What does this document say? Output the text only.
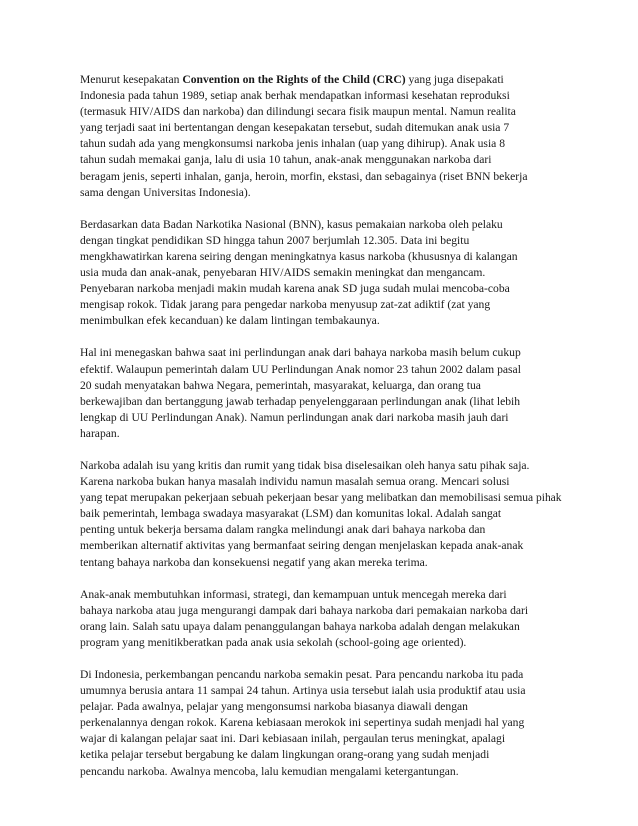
Menurut kesepakatan Convention on the Rights of the Child (CRC) yang juga disepakati
Indonesia pada tahun 1989, setiap anak berhak mendapatkan informasi kesehatan reproduksi
(termasuk HIV/AIDS dan narkoba) dan dilindungi secara fisik maupun mental. Namun realita
yang terjadi saat ini bertentangan dengan kesepakatan tersebut, sudah ditemukan anak usia 7
tahun sudah ada yang mengkonsumsi narkoba jenis inhalan (uap yang dihirup). Anak usia 8
tahun sudah memakai ganja, lalu di usia 10 tahun, anak-anak menggunakan narkoba dari
beragam jenis, seperti inhalan, ganja, heroin, morfin, ekstasi, dan sebagainya (riset BNN bekerja
sama dengan Universitas Indonesia).

Berdasarkan data Badan Narkotika Nasional (BNN), kasus pemakaian narkoba oleh pelaku
dengan tingkat pendidikan SD hingga tahun 2007 berjumlah 12.305. Data ini begitu
mengkhawatirkan karena seiring dengan meningkatnya kasus narkoba (khususnya di kalangan
usia muda dan anak-anak, penyebaran HIV/AIDS semakin meningkat dan mengancam.
Penyebaran narkoba menjadi makin mudah karena anak SD juga sudah mulai mencoba-coba
mengisap rokok. Tidak jarang para pengedar narkoba menyusup zat-zat adiktif (zat yang
menimbulkan efek kecanduan) ke dalam lintingan tembakaunya.

Hal ini menegaskan bahwa saat ini perlindungan anak dari bahaya narkoba masih belum cukup
efektif. Walaupun pemerintah dalam UU Perlindungan Anak nomor 23 tahun 2002 dalam pasal
20 sudah menyatakan bahwa Negara, pemerintah, masyarakat, keluarga, dan orang tua
berkewajiban dan bertanggung jawab terhadap penyelenggaraan perlindungan anak (lihat lebih
lengkap di UU Perlindungan Anak). Namun perlindungan anak dari narkoba masih jauh dari
harapan.

Narkoba adalah isu yang kritis dan rumit yang tidak bisa diselesaikan oleh hanya satu pihak saja.
Karena narkoba bukan hanya masalah individu namun masalah semua orang. Mencari solusi
yang tepat merupakan pekerjaan sebuah pekerjaan besar yang melibatkan dan memobilisasi semua pihak
baik pemerintah, lembaga swadaya masyarakat (LSM) dan komunitas lokal. Adalah sangat
penting untuk bekerja bersama dalam rangka melindungi anak dari bahaya narkoba dan
memberikan alternatif aktivitas yang bermanfaat seiring dengan menjelaskan kepada anak-anak
tentang bahaya narkoba dan konsekuensi negatif yang akan mereka terima.

Anak-anak membutuhkan informasi, strategi, dan kemampuan untuk mencegah mereka dari
bahaya narkoba atau juga mengurangi dampak dari bahaya narkoba dari pemakaian narkoba dari
orang lain. Salah satu upaya dalam penanggulangan bahaya narkoba adalah dengan melakukan
program yang menitikberatkan pada anak usia sekolah (school-going age oriented).

Di Indonesia, perkembangan pencandu narkoba semakin pesat. Para pencandu narkoba itu pada
umumnya berusia antara 11 sampai 24 tahun. Artinya usia tersebut ialah usia produktif atau usia
pelajar. Pada awalnya, pelajar yang mengonsumsi narkoba biasanya diawali dengan
perkenalannya dengan rokok. Karena kebiasaan merokok ini sepertinya sudah menjadi hal yang
wajar di kalangan pelajar saat ini. Dari kebiasaan inilah, pergaulan terus meningkat, apalagi
ketika pelajar tersebut bergabung ke dalam lingkungan orang-orang yang sudah menjadi
pencandu narkoba. Awalnya mencoba, lalu kemudian mengalami ketergantungan.
